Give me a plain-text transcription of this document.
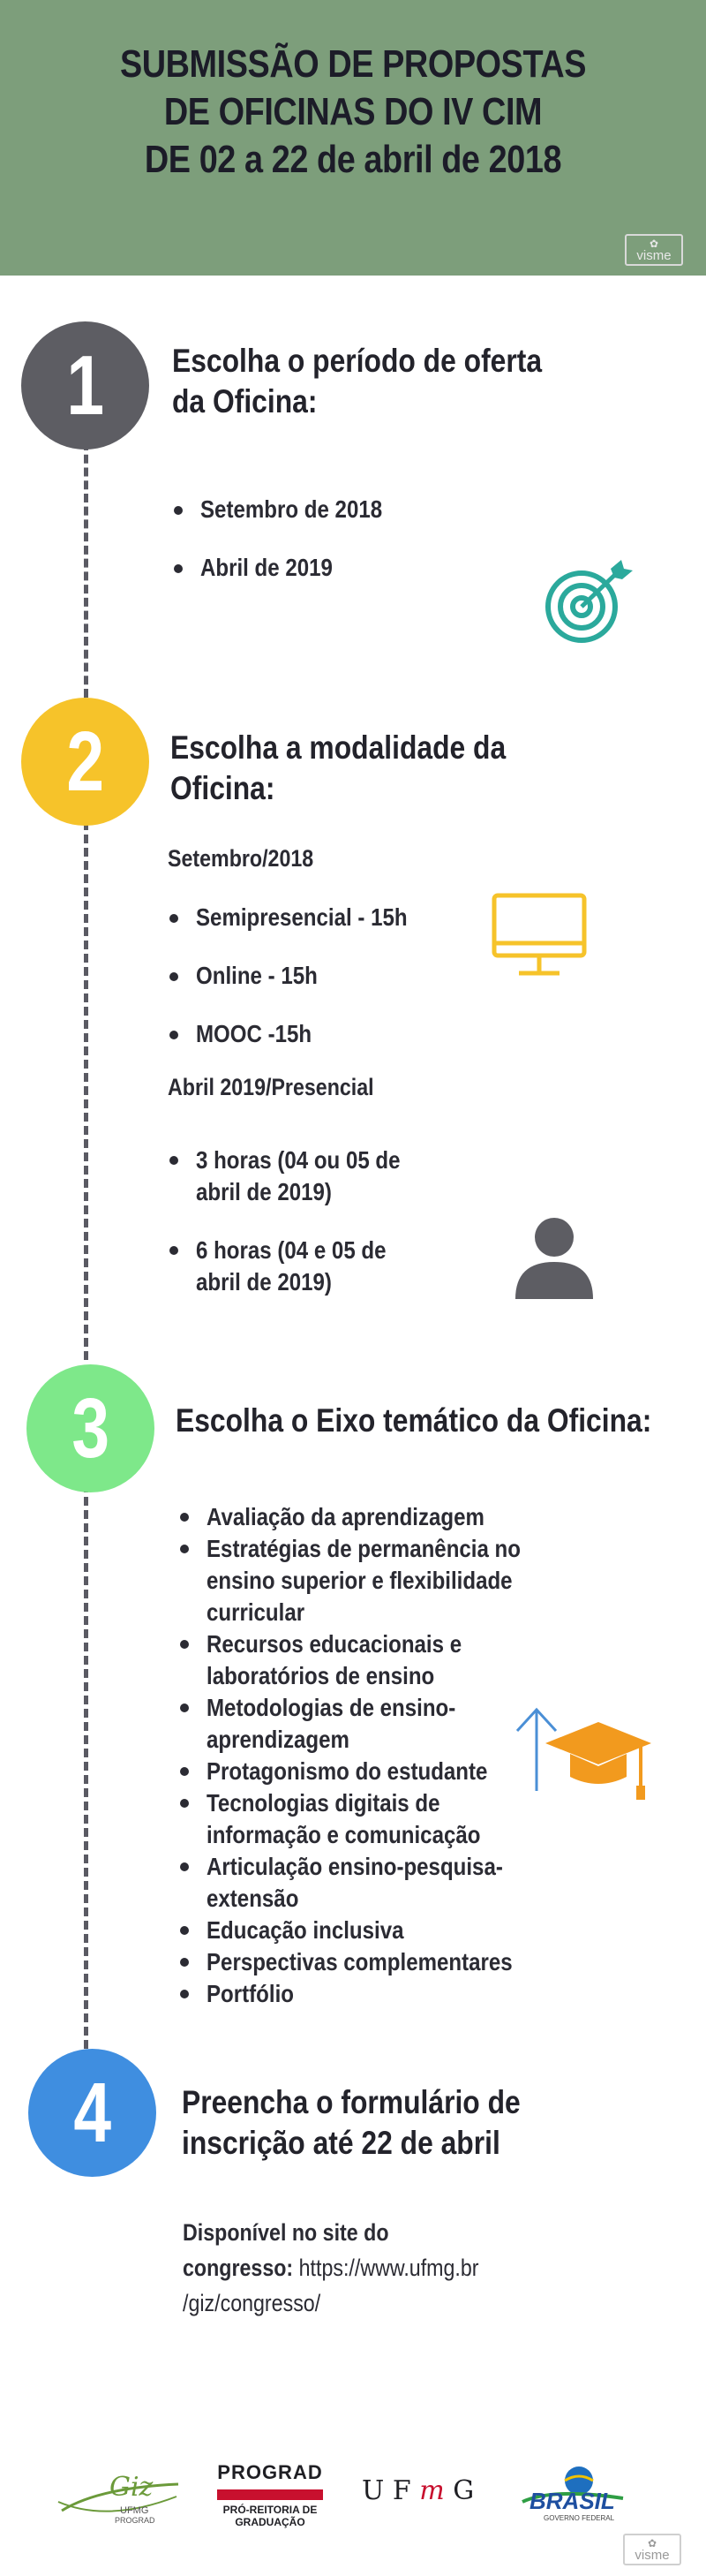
SUBMISSÃO DE PROPOSTAS
DE OFICINAS DO IV CIM
DE 02 a 22 de abril de 2018
✿
visme
1 Escolha o período de oferta
da Oficina:
Setembro de 2018
Abril de 2019
2 Escolha a modalidade da
Oficina:
Setembro/2018
Semipresencial - 15h
Online - 15h
MOOC -15h
Abril 2019/Presencial
3 horas (04 ou 05 de
abril de 2019)
6 horas (04 e 05 de
abril de 2019)
3 Escolha o Eixo temático da Oficina:
Avaliação da aprendizagem
Estratégias de permanência no
ensino superior e flexibilidade
curricular
Recursos educacionais e
laboratórios de ensino
Metodologias de ensino-
aprendizagem
Protagonismo do estudante
Tecnologias digitais de
informação e comunicação
Articulação ensino-pesquisa-
extensão
Educação inclusiva
Perspectivas complementares
Portfólio
4 Preencha o formulário de
inscrição até 22 de abril
Disponível no site do
congresso: https://www.ufmg.br
/giz/congresso/
Giz
UFMG
PROGRAD
PROGRAD
PRÓ-REITORIA DE
GRADUAÇÃO
U F m G	BRASIL
GOVERNO FEDERAL
✿
visme
